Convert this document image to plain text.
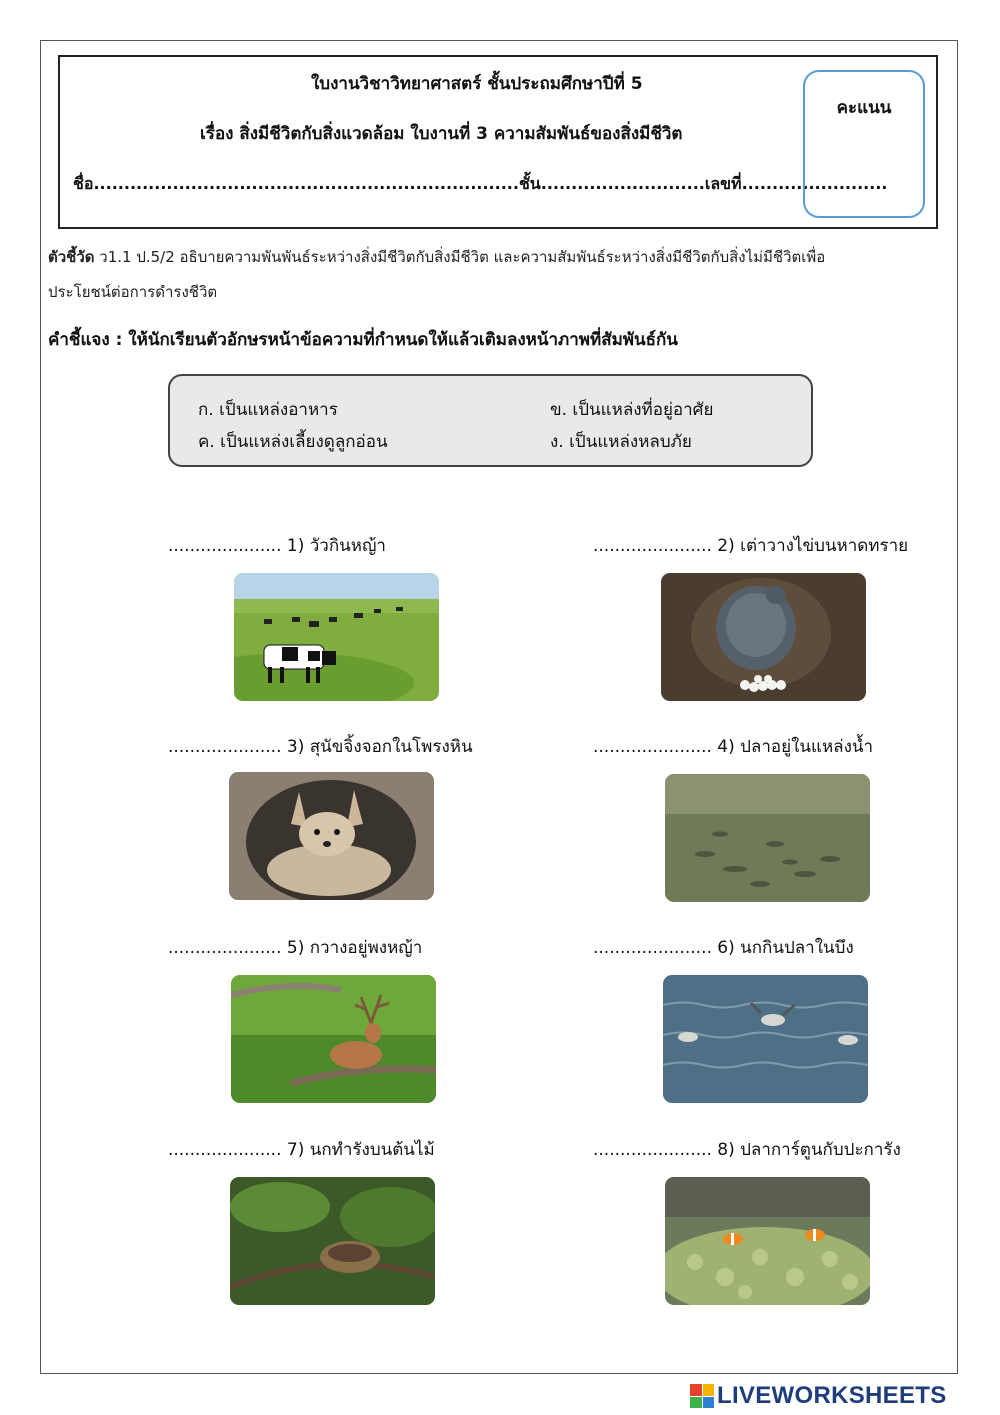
ใบงานวิชาวิทยาศาสตร์ ชั้นประถมศึกษาปีที่ 5
เรื่อง สิ่งมีชีวิตกับสิ่งแวดล้อม ใบงานที่ 3 ความสัมพันธ์ของสิ่งมีชีวิต
ชื่อ......................................................................ชั้น...........................เลขที่........................
คะแนน
ตัวชี้วัด ว1.1 ป.5/2 อธิบายความพันพันธ์ระหว่างสิ่งมีชีวิตกับสิ่งมีชีวิต และความสัมพันธ์ระหว่างสิ่งมีชีวิตกับสิ่งไม่มีชีวิตเพื่อ
ประโยชน์ต่อการดำรงชีวิต
คำชี้แจง : ให้นักเรียนตัวอักษรหน้าข้อความที่กำหนดให้แล้วเติมลงหน้าภาพที่สัมพันธ์กัน
ก. เป็นแหล่งอาหาร	ข. เป็นแหล่งที่อยู่อาศัย
ค. เป็นแหล่งเลี้ยงดูลูกอ่อน	ง. เป็นแหล่งหลบภัย
..................... 1) วัวกินหญ้า	...................... 2) เต่าวางไข่บนหาดทราย
..................... 3) สุนัขจิ้งจอกในโพรงหิน	...................... 4) ปลาอยู่ในแหล่งน้ำ
..................... 5) กวางอยู่พงหญ้า	...................... 6) นกกินปลาในบึง
..................... 7) นกทำรังบนต้นไม้	...................... 8) ปลาการ์ตูนกับปะการัง
LIVEWORKSHEETS
